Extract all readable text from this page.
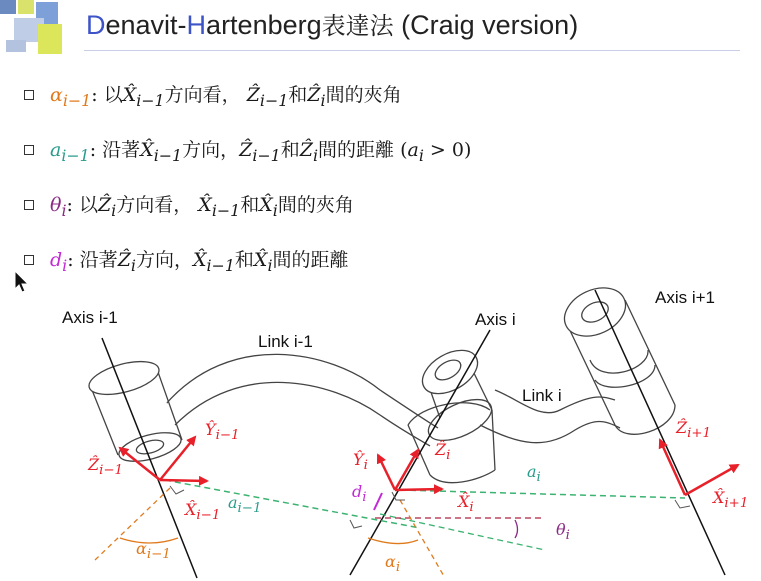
Denavit-Hartenberg表達法 (Craig version)
$\alpha_{i-1}$: 以$X̂_{i-1}$方向看， Ẑ$_{i-1}$和Ẑ$_i$間的夾角
$a_{i-1}$: 沿著$X̂_{i-1}$方向，Ẑ$_{i-1}$和Ẑ$_i$間的距離 $(a_i > 0)$
$\theta_i$: 以Ẑ$_i$方向看， $X̂_{i-1}$和$X̂_i$間的夾角
$d_i$: 沿著Ẑ$_i$方向，$X̂_{i-1}$和$X̂_i$間的距離
Axis i-1	Axis i
Axis i+1
Link i-1
Link i
Ẑ$_{i-1}$
$Ŷ_{i-1}$
$X̂_{i-1}$
$a_{i-1}$
$\alpha_{i-1}$
$Ŷ_i$
Ẑ$_i$
$X̂_i$
$d_i$
$a_i$
$\theta_i$
$\alpha_i$
Ẑ$_{i+1}$
$X̂_{i+1}$
